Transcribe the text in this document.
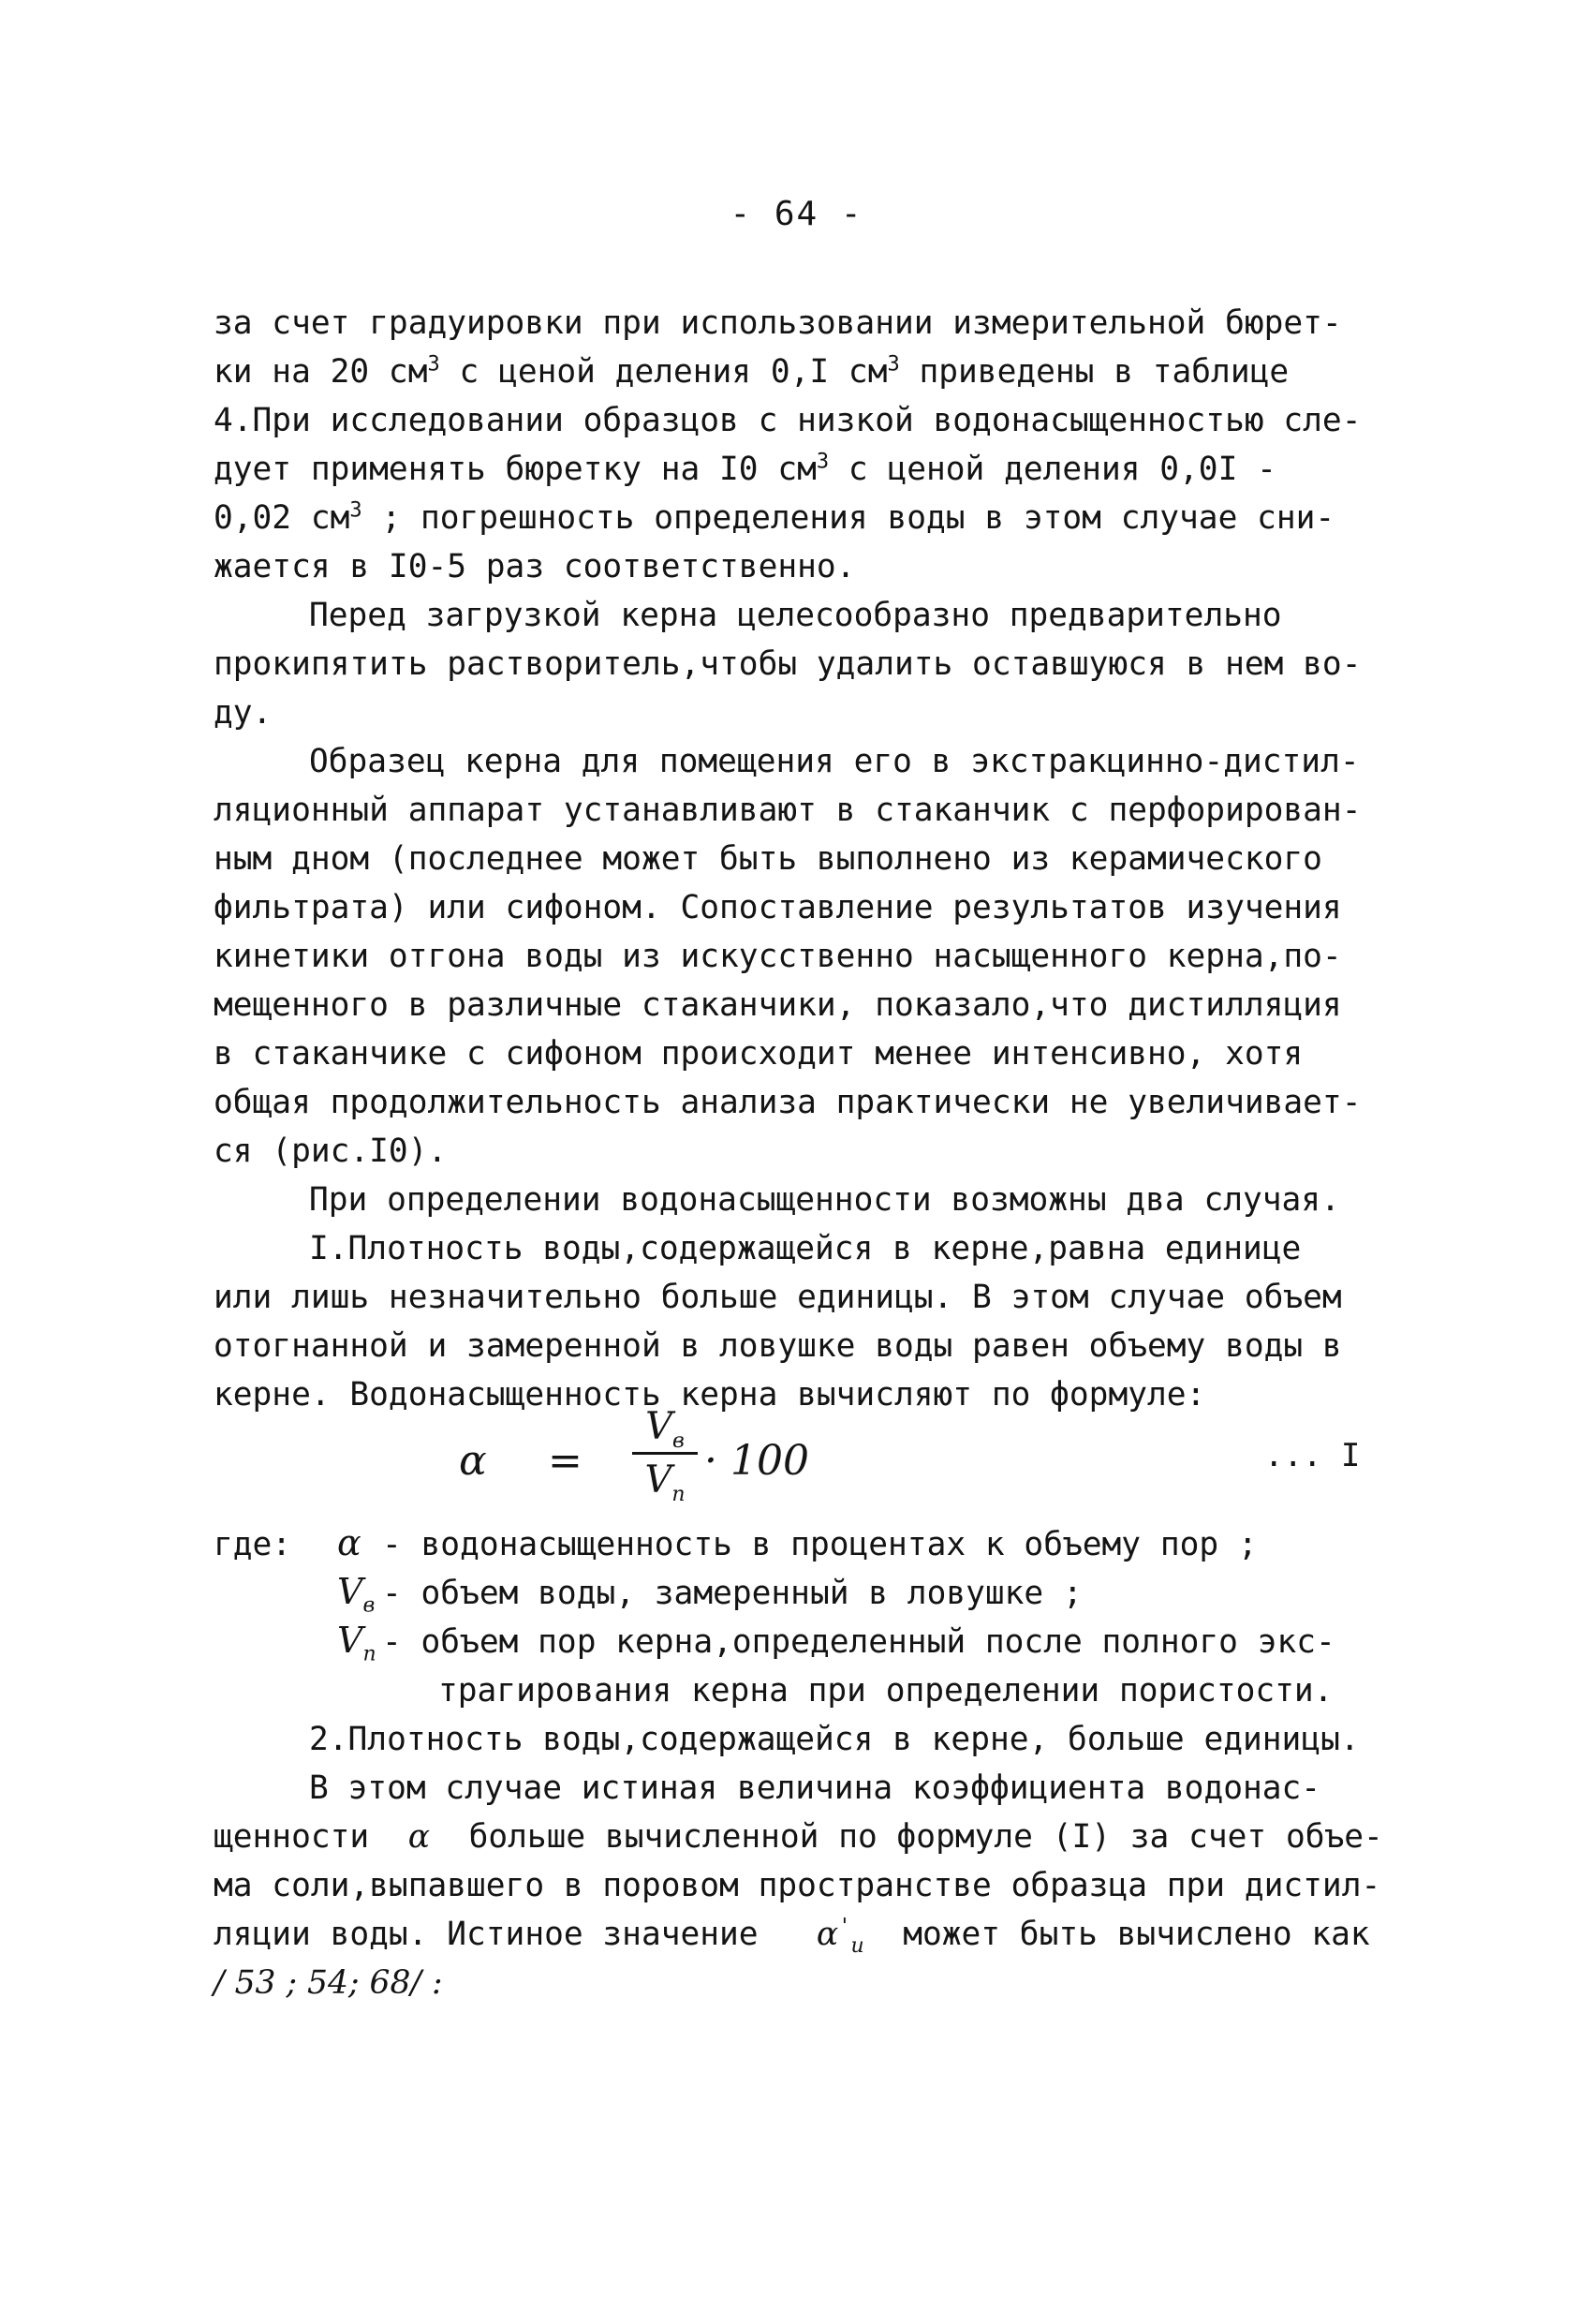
- 64 -

за счет градуировки при использовании измерительной бюрет-

ки на 20 $см^3$ с ценой деления 0,I $см^3$ приведены в таблице

4.При исследовании образцов с низкой водонасыщенностью сле-

дует применять бюретку на I0 $см^3$ с ценой деления 0,0I -

0,02 $см^3$ ; погрешность определения воды в этом случае сни-

жается в I0-5 раз соответственно.

Перед загрузкой керна целесообразно предварительно

прокипятить растворитель,чтобы удалить оставшуюся в нем во-

ду.

Образец керна для помещения его в экстракцинно-дистил-

ляционный аппарат устанавливают в стаканчик с перфорирован-

ным дном (последнее может быть выполнено из керамического

фильтрата) или сифоном. Сопоставление результатов изучения

кинетики отгона воды из искусственно насыщенного керна,по-

мещенного в различные стаканчики, показало,что дистилляция

в стаканчике с сифоном происходит менее интенсивно, хотя

общая продолжительность анализа практически не увеличивает-

ся (рис.I0).

При определении водонасыщенности возможны два случая.

I.Плотность воды,содержащейся в керне,равна единице

или лишь незначительно больше единицы. В этом случае объем

отогнанной и замеренной в ловушке воды равен объему воды в

керне. Водонасыщенность керна вычисляют по формуле:

α =
$V_в$
$V_п$
· 100	... I

где: α - водонасыщенность в процентах к объему пор ;

$V_в$ - объем воды, замеренный в ловушке ;

$V_п$ - объем пор керна,определенный после полного экс-

трагирования керна при определении пористости.

2.Плотность воды,содержащейся в керне, больше единицы.

В этом случае истиная величина коэффициента водонас-

щенности α больше вычисленной по формуле (I) за счет объе-

ма соли,выпавшего в поровом пространстве образца при дистил-

ляции воды. Истиное значение $\alpha'_и$ может быть вычислено как

/ 53 ; 54; 68/ :
